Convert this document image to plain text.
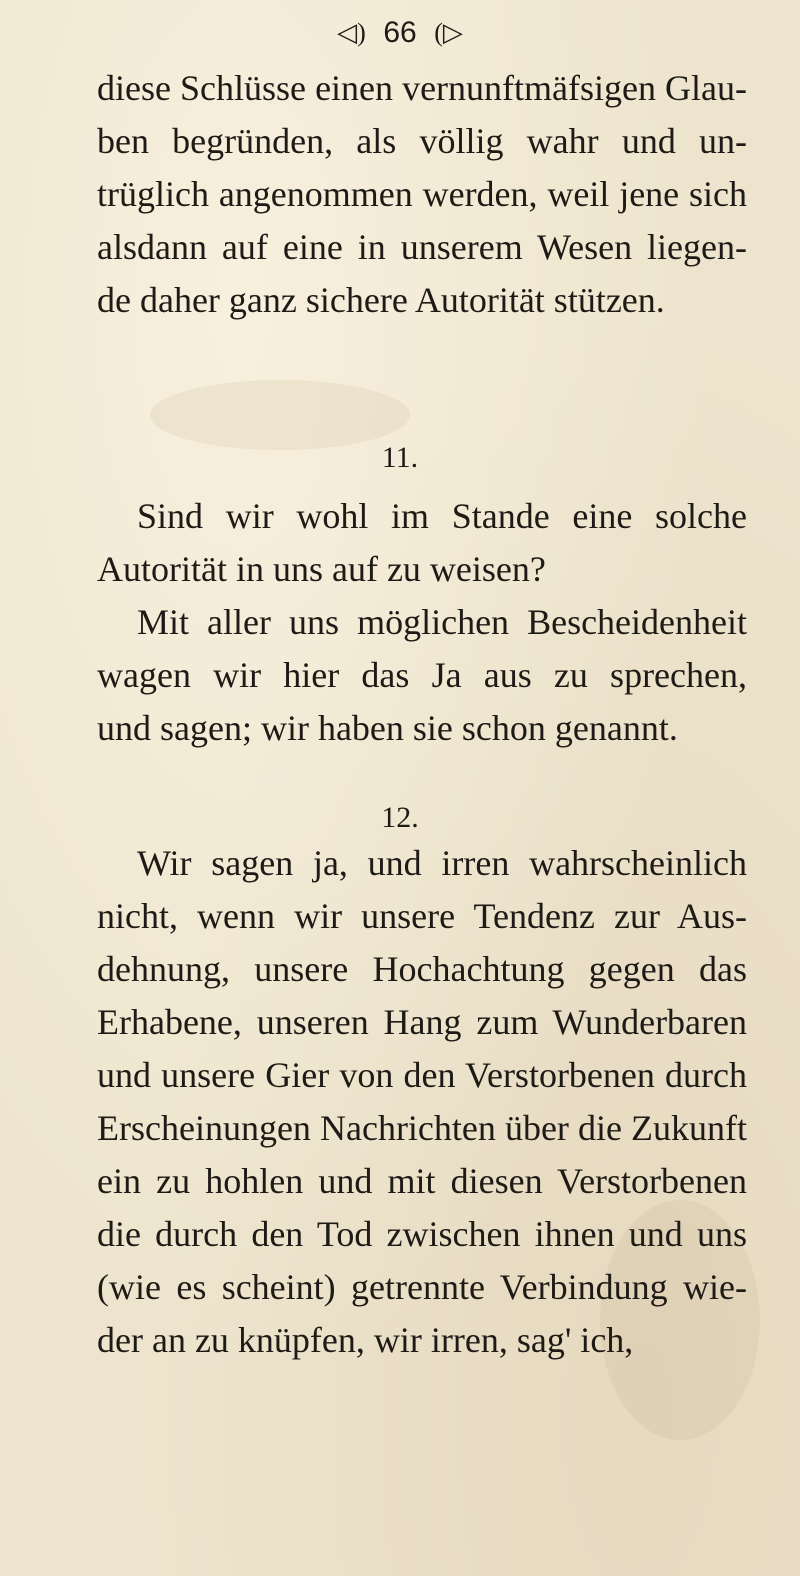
◁) 66 (▷
diese Schlüsse einen vernunftmäfsigen Glau-
ben begründen, als völlig wahr und un-
trüglich angenommen werden, weil jene sich
alsdann auf eine in unserem Wesen liegen-
de daher ganz sichere Autorität stützen.
11.
Sind wir wohl im Stande eine solche
Autorität in uns auf zu weisen?
Mit aller uns möglichen Bescheidenheit
wagen wir hier das Ja aus zu sprechen,
und sagen; wir haben sie schon genannt.
12.
Wir sagen ja, und irren wahrscheinlich
nicht, wenn wir unsere Tendenz zur Aus-
dehnung, unsere Hochachtung gegen das
Erhabene, unseren Hang zum Wunderbaren
und unsere Gier von den Verstorbenen durch
Erscheinungen Nachrichten über die Zukunft
ein zu hohlen und mit diesen Verstorbenen
die durch den Tod zwischen ihnen und uns
(wie es scheint) getrennte Verbindung wie-
der an zu knüpfen, wir irren, sag' ich,
